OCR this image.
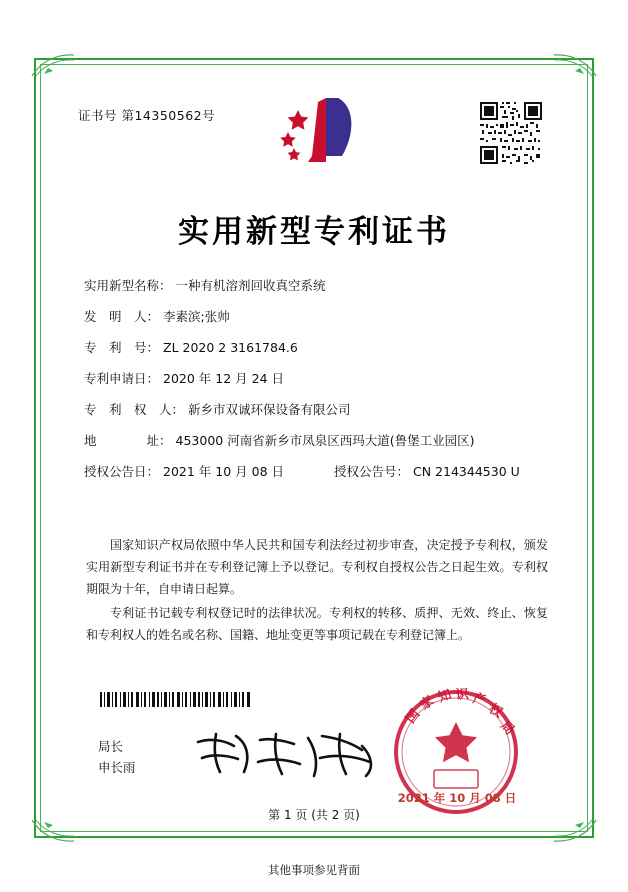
证书号 第14350562号
实用新型专利证书
实用新型名称： 一种有机溶剂回收真空系统
发　明　人： 李素滨;张帅
专　利　号： ZL 2020 2 3161784.6
专利申请日： 2020 年 12 月 24 日
专　利　权　人： 新乡市双诚环保设备有限公司
地　　　　址： 453000 河南省新乡市凤泉区西玛大道(鲁堡工业园区)
授权公告日： 2021 年 10 月 08 日	授权公告号： CN 214344530 U

国家知识产权局依照中华人民共和国专利法经过初步审查，决定授予专利权，颁发实用新型专利证书并在专利登记簿上予以登记。专利权自授权公告之日起生效。专利权期限为十年，自申请日起算。

专利证书记载专利权登记时的法律状况。专利权的转移、质押、无效、终止、恢复和专利权人的姓名或名称、国籍、地址变更等事项记载在专利登记簿上。

局长
申长雨
国
家 知 识 产
权
局
2021 年 10 月 08 日
第 1 页 (共 2 页)
其他事项参见背面
